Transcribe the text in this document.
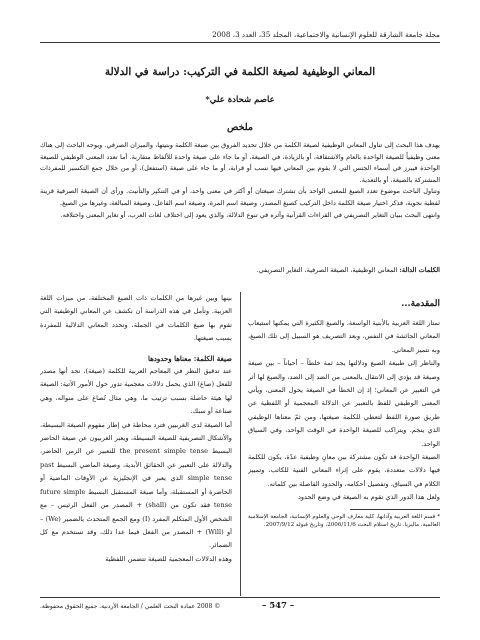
مجلة جامعة الشارقة للعلوم الإنسانية والاجتماعية، المجلد 35، العدد 3، 2008
المعاني الوظيفية لصيغة الكلمة في التركيب: دراسة في الدلالة
عاصم شحادة علي*
ملخص

يهدف هذا البحث إلى تناول المعاني الوظيفية لصيغة الكلمة من خلال تحديد الفروق بين صيغة الكلمة وبنيتها، والميزان الصرفي. ويوجه الباحث إلى هناك معنى وظيفياً للصيغة الواحدة بالعام والاشتقاقة، أو بالزيادة، في الصيغة، أو ما جاء على صيغة واحدة للألفاظ متقاربة. أما تعدد المعنى الوظيفي للصيغة الواحدة فيبرز في أسماء الجنس التي لا يقوم بين المعاني فيها نسب أو قرابة، أو ما جاء على صيغة (استفعل)، أو من خلال جمع التكسير للمفردات المشتركة بالصيغة، أو بالتعدية.

وتناول الباحث موضوع تعدد الصيغ للمعنى الواحد بأن تشترك صيغتان أو أكثر في معنى واحد، أو في التنكير والتأنيث. ورأى أن الصيغة الصرفية قرينة لفظية نحوية، فذكر اختيار صيغة الكلمة داخل التركيب كصيغ المصدر، وصيغة اسم المرة، وصيغة اسم الفاعل، وصيغة المبالغة، وغيرها من الصيغ.

وانتهى البحث ببيان التغاير التصريفي في القراءات القرآنية وأثره في تنوع الدلالة، والذي يعود إلى اختلاف لغات العرب، أو تغاير المعنى واختلافه.

الكلمات الدالة: المعاني الوظيفية، الصيغة الصرفية، التغاير التصريفي.
المقدمة...

تمتاز اللغة العربية بالأبنية الواسعة، والصيغ الكثيرة التي يمكنها استيعاب المعاني الجائشة في النفس، وبعد التصريف هو السبيل إلى تلك الصيغ، وبه تتميز المعاني.

والناظر إلى طبيعة الصيغ ودلالتها يجد ثمة خلطاً – أحياناً – بين صيغة وصيغة قد يؤدي إلى الانتقال بالمعنى من الضد إلى الضد، والصيغ لها أثر في التعبير عن المعاني؛ إذ إن الخطأ في الصيغة يحول المعنى، ويأتي المعنى الوظيفي للفظ بالتعبير عن الدلالة المعجمية أو اللفظية عن طريق صورة اللفظ لتعطي للكلمة صيغتها، ومن ثمّ معناها الوظيفي الذي ينجم. ويتراكب للصيغة الواحدة في الوقت الواحد، وفي السياق الواحد.

الصيغة الواحدة قد تكون مشتركة بين معانٍ وظيفية عدّة، يكون للكلمة فيها دلالات متعددة، يقوم على إثراء المعاني الفنية للكاتب، وتمييز الكلام في السياق، وتفصيل أحكامه، والحدود الفاصلة بين كلماته.

ولعل هذا الدور الذي تقوم به الصيغة في وضع الحدود

* قسم اللغة العربية وآدابها، كلية معارف الوحي والعلوم الإنسانية، الجامعة الإسلامية العالمية، ماليزيا. تاريخ استلام البحث 2006/11/6، وتاريخ قبوله 2007/9/12.

بينها وبين غيرها من الكلمات ذات الصيغ المختلفة، من ميزات اللغة العربية. وتأمل في هذه الدراسة أن نكشف عن المعاني الوظيفية التي تقوم بها صيغ الكلمات في الجملة، وتحدد المعاني الدلالية للمفردة بسبب صيغتها.

صيغة الكلمة: معناها وحدودها

عند تدقيق النظر في المعاجم العربية للكلمة (صيغة)، نجد أنها مصدر للفعل (صاغ) الذي يحمل دلالات معجمية تدور حول الأمور الآتية: الصيغة لها هيئة حاصلة بسبب ترتيب ما، وهي مثال تُصاغ على منواله، وهي صناعة أو سبك.

أما الصيغة لدى الغربيين فترد محاطة في إطار مفهوم الصيغة البسيطة، والأشكال التصريفية للصيغة البسيطة، ويعبر الغربيون عن صيغة الحاضر البسيط the present simple tense للتعبير عن الزمن الحاضر، والدلالة على التعبير عن الحقائق الأبدية، وصيغة الماضي البسيط past simple tense الذي يعبر في الإنجليزية عن الأوقات الماضية أو الحاضرة أو المستقبلة، وأما صيغة المستقبل البسيط future simple tense فقد تكون من (shall) + المصدر من الفعل الرئيس – مع الشخص الأول المتكلم المفرد (I) ومع الجمع المتحدث بالضمير (We) – أو (Will) + المصدر من الفعل فيما عدا ذلك، وقد تستخدم مع كل الضمائر.

وهذه الدلالات المعجمية للصيغة تتضمن اللفظية

© 2008 عمادة البحث العلمي / الجامعة الأردنية. جميع الحقوق محفوظة.	– 547 –
